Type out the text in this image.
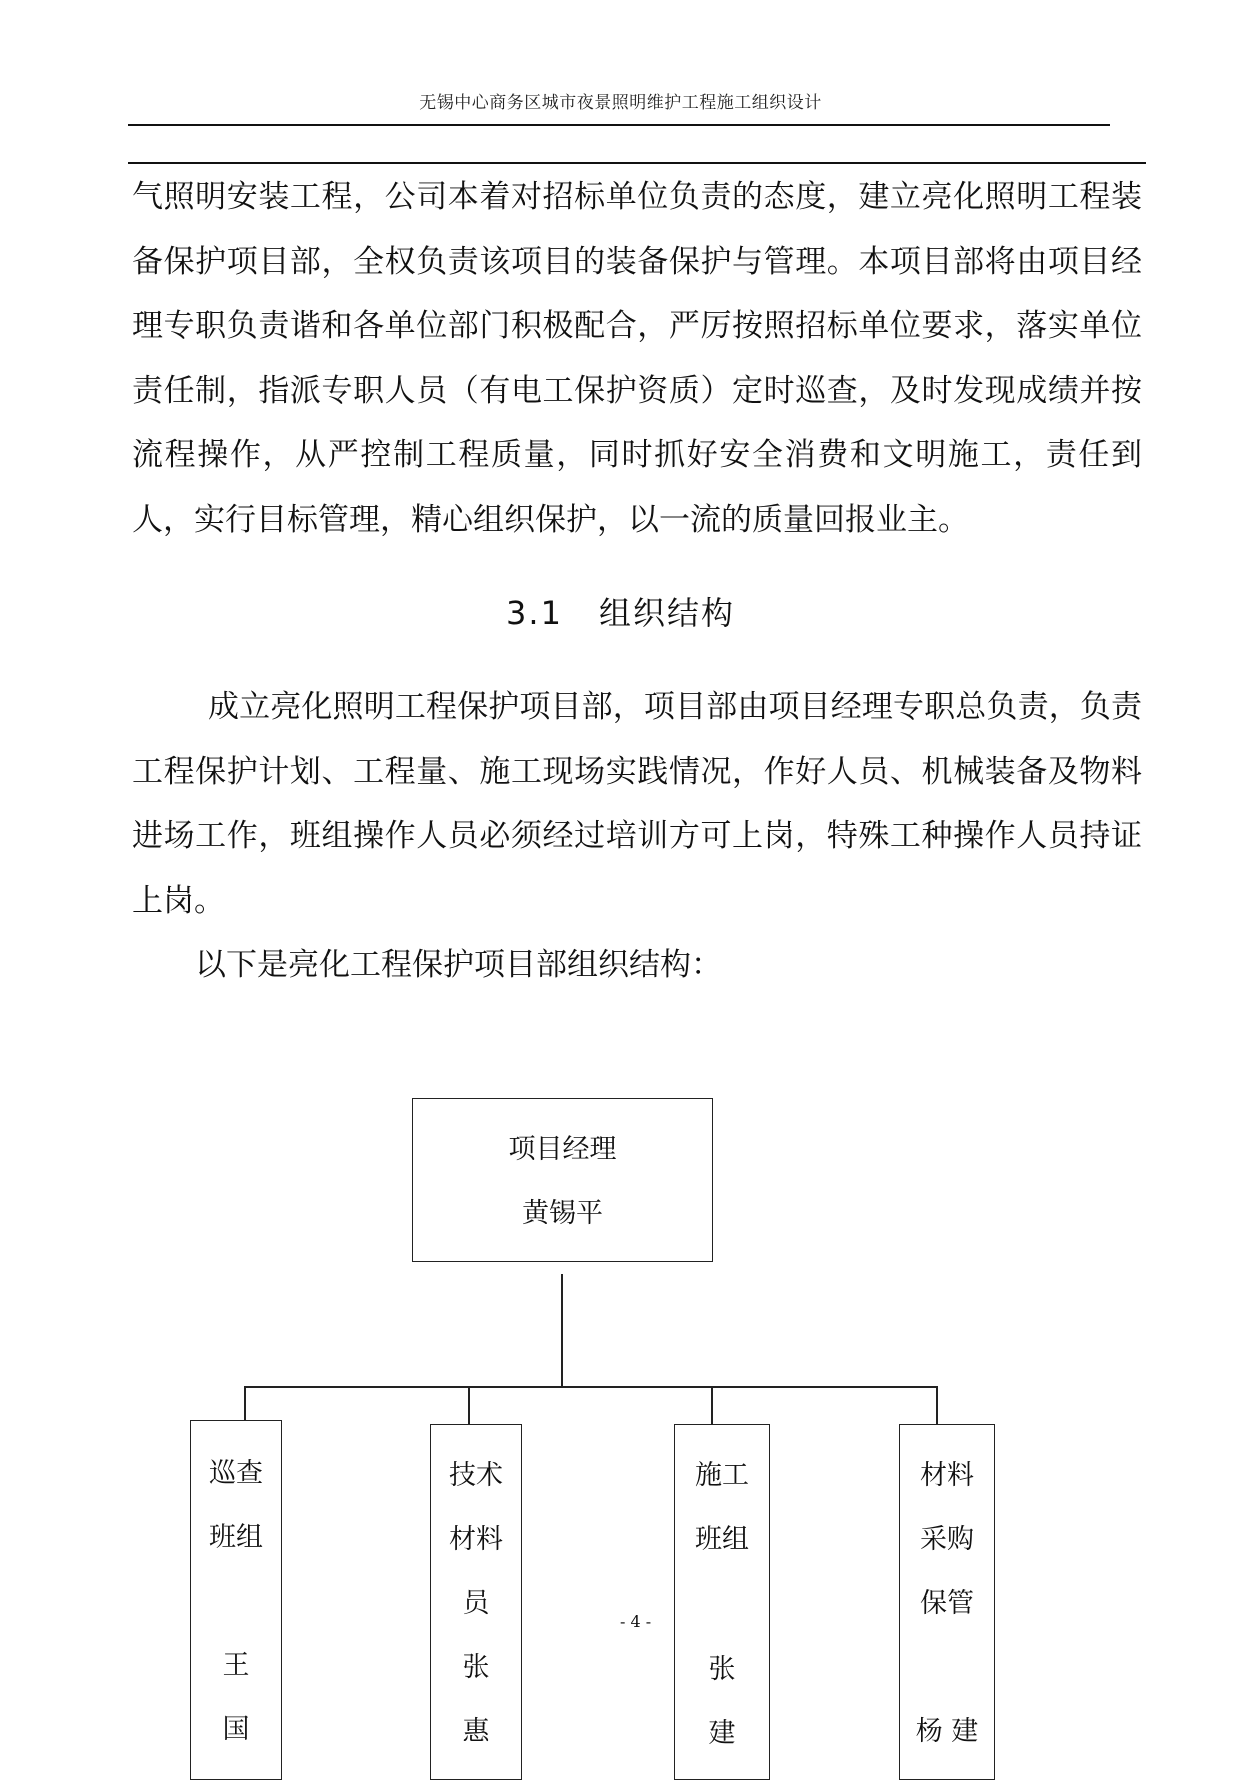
无锡中心商务区城市夜景照明维护工程施工组织设计

气照明安装工程，公司本着对招标单位负责的态度，建立亮化照明工程装备保护项目部，全权负责该项目的装备保护与管理。本项目部将由项目经理专职负责谐和各单位部门积极配合，严厉按照招标单位要求，落实单位责任制，指派专职人员（有电工保护资质）定时巡查，及时发现成绩并按流程操作，从严控制工程质量，同时抓好安全消费和文明施工，责任到人，实行目标管理，精心组织保护，以一流的质量回报业主。

3.1 组织结构

成立亮化照明工程保护项目部，项目部由项目经理专职总负责，负责工程保护计划、工程量、施工现场实践情况，作好人员、机械装备及物料进场工作，班组操作人员必须经过培训方可上岗，特殊工种操作人员持证上岗。

以下是亮化工程保护项目部组织结构：

项目经理
黄锡平
巡查
班组
王
国
技术
材料
员
张
惠
施工
班组
张
建
材料
采购
保管
杨 建
- 4 -
